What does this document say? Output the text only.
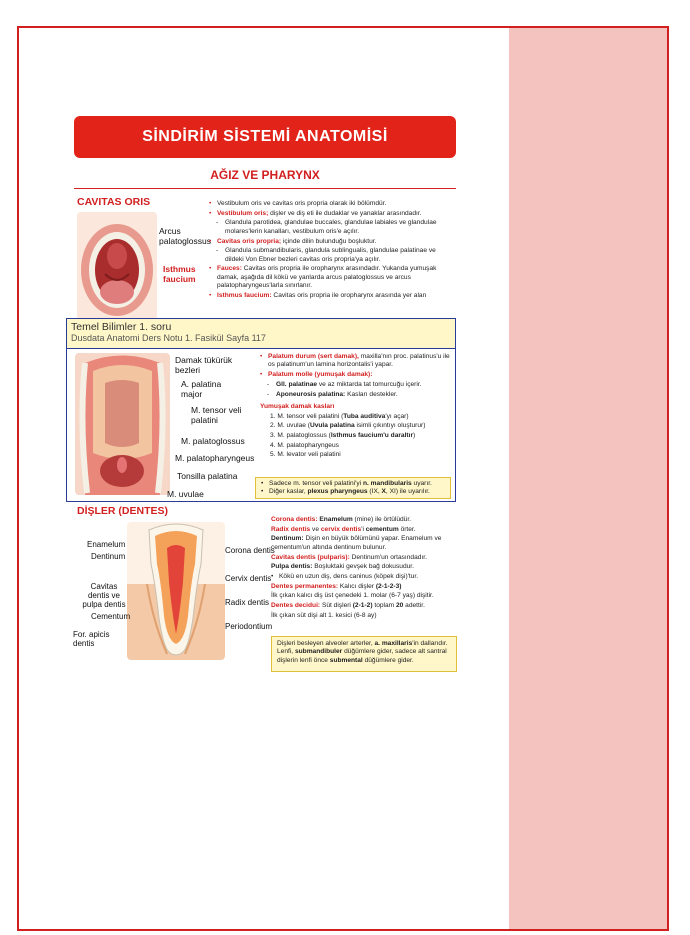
SİNDİRİM SİSTEMİ ANATOMİSİ
AĞIZ VE PHARYNX
CAVITAS ORIS
Arcus palatoglossus
Isthmus faucium

• Vestibulum oris ve cavitas oris propria olarak iki bölümdür.

• Vestibulum oris; dişler ve diş eti ile dudaklar ve yanaklar arasındadır.

- Glandula parotidea, glandulae buccales, glandulae labiales ve glandulae molares'lerin kanalları, vestibulum oris'e açılır.

• Cavitas oris propria; içinde dilin bulunduğu boşluktur.

- Glandula submandibularis, glandula sublingualis, glandulae palatinae ve dildeki Von Ebner bezleri cavitas oris propria'ya açılır.

• Fauces: Cavitas oris propria ile oropharynx arasındadır. Yukarıda yumuşak damak, aşağıda dil kökü ve yanlarda arcus palatoglossus ve arcus palatopharyngeus'larla sınırlanır.

• Isthmus faucium: Cavitas oris propria ile oropharynx arasında yer alan

Temel Bilimler 1. soru
Dusdata Anatomi Ders Notu 1. Fasikül Sayfa 117
Damak tükürük bezleri
A. palatina major
M. tensor veli palatini
M. palatoglossus
M. palatopharyngeus
Tonsilla palatina
M. uvulae

• Palatum durum (sert damak), maxilla'nın proc. palatinus'u ile os palatinum'un lamina horizontalis'i yapar.

• Palatum molle (yumuşak damak):

- Gll. palatinae ve az miktarda tat tomurcuğu içerir.

- Aponeurosis palatina: Kasları destekler.

Yumuşak damak kasları

1. M. tensor veli palatini (Tuba auditiva'yı açar)

2. M. uvulae (Uvula palatina isimli çıkıntıyı oluşturur)

3. M. palatoglossus (Isthmus faucium'u daraltır)

4. M. palatopharyngeus

5. M. levator veli palatini

• Sadece m. tensor veli palatini'yi n. mandibularis uyarır.
• Diğer kaslar, plexus pharyngeus (IX, X, XI) ile uyarılır.
DİŞLER (DENTES)
Enamelum
Dentinum
Cavitas dentis ve pulpa dentis
Cementum
For. apicis dentis
Corona dentis
Cervix dentis
Radix dentis
Periodontium

Corona dentis: Enamelum (mine) ile örtülüdür.

Radix dentis ve cervix dentis'i cementum örter.

Dentinum: Dişin en büyük bölümünü yapar. Enamelum ve cementum'un altında dentinum bulunur.

Cavitas dentis (pulparis): Dentinum'un ortasındadır.

Pulpa dentis: Boşluktaki gevşek bağ dokusudur.

• Kökü en uzun diş, dens caninus (köpek dişi)'tur.

Dentes permanentes: Kalıcı dişler (2-1-2-3)

İlk çıkan kalıcı diş üst çenedeki 1. molar (6-7 yaş) dişitir.

Dentes decidui: Süt dişleri (2-1-2) toplam 20 adettir.

İlk çıkan süt dişi alt 1. kesici (6-8 ay)

Dişleri besleyen alveoler arterler, a. maxillaris'in dallarıdır. Lenfi, submandibuler düğümlere gider, sadece alt santral dişlerin lenfi önce submental düğümlere gider.
